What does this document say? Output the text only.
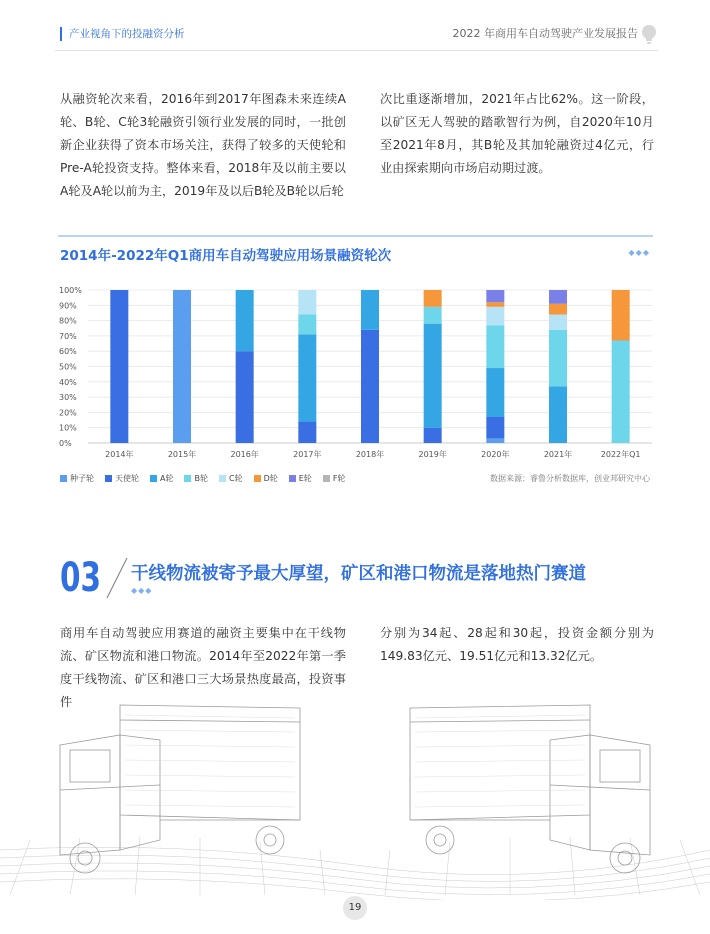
产业视角下的投融资分析	2022 年商用车自动驾驶产业发展报告

从融资轮次来看，2016年到2017年图森未来连续A轮、B轮、C轮3轮融资引领行业发展的同时，一批创新企业获得了资本市场关注，获得了较多的天使轮和Pre-A轮投资支持。整体来看，2018年及以前主要以A轮及A轮以前为主，2019年及以后B轮及B轮以后轮

次比重逐渐增加，2021年占比62%。这一阶段，以矿区无人驾驶的踏歌智行为例，自2020年10月至2021年8月，其B轮及其加轮融资过4亿元，行业由探索期向市场启动期过渡。

2014年-2022年Q1商用车自动驾驶应用场景融资轮次	◆◆◆
0%
10%
20%
30%
40%
50%
60%
70%
80%
90%
100%
2014年	2015年	2016年	2017年	2018年	2019年	2020年	2021年	2022年Q1
种子轮	天使轮	A轮	B轮	C轮	D轮	E轮	F轮	数据来源：睿鲁分析数据库，创业邦研究中心
03 干线物流被寄予最大厚望，矿区和港口物流是落地热门赛道
◆◆◆

商用车自动驾驶应用赛道的融资主要集中在干线物流、矿区物流和港口物流。2014年至2022年第一季度干线物流、矿区和港口三大场景热度最高，投资事件

分别为34起、28起和30起，投资金额分别为149.83亿元、19.51亿元和13.32亿元。

19
